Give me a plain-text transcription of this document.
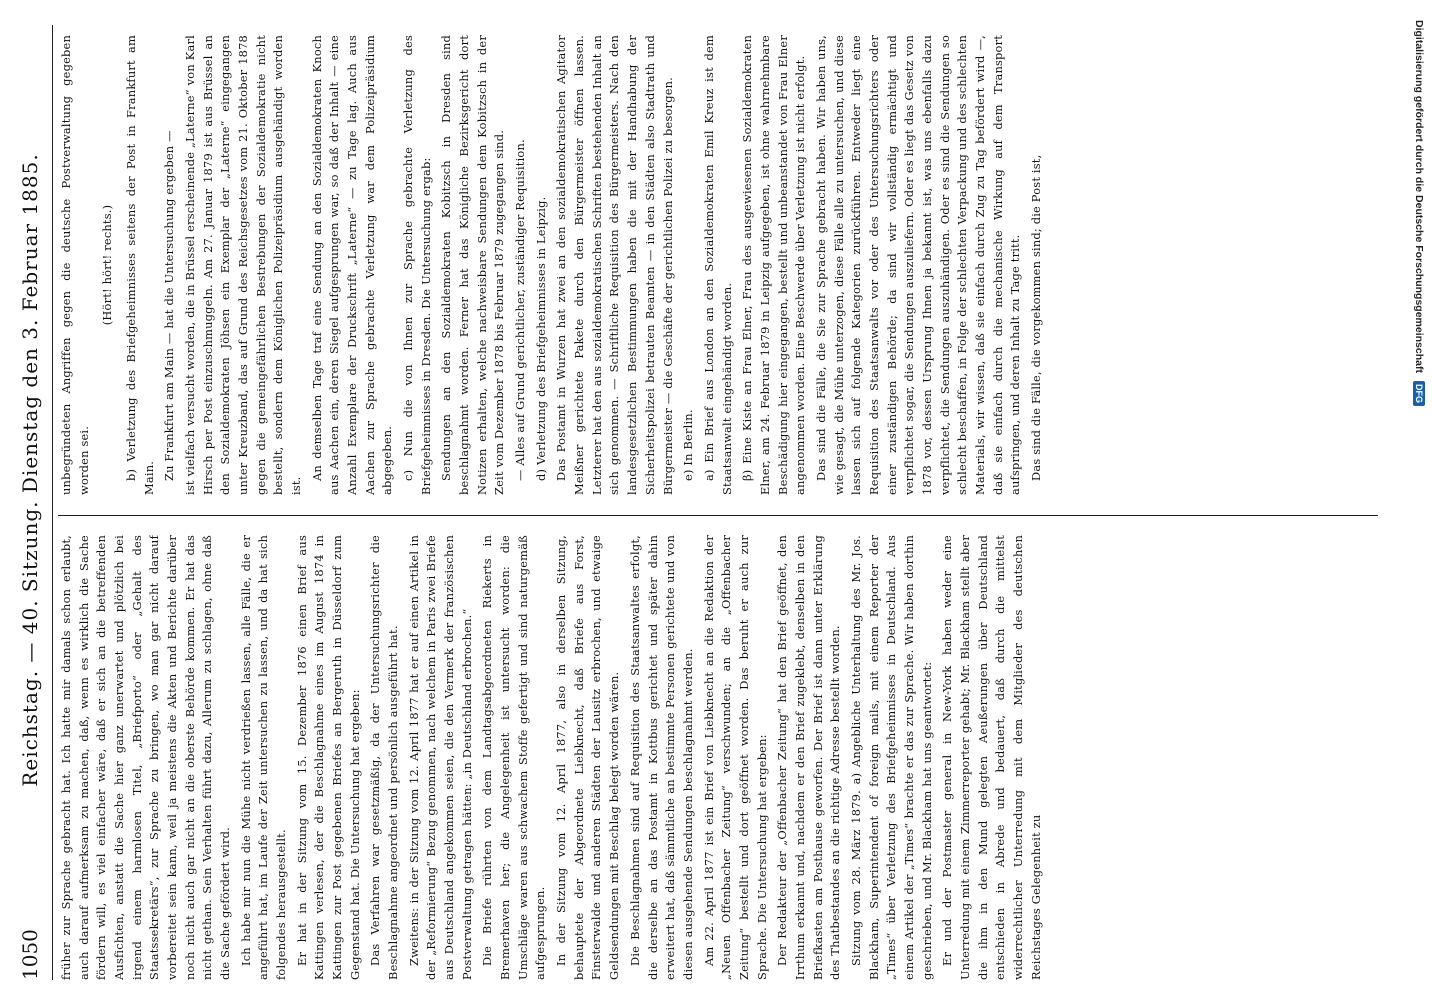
1050
Reichstag. — 40. Sitzung. Dienstag den 3. Februar 1885. früher zur Sprache gebracht hat. Ich hatte mir damals schon erlaubt, auch darauf aufmerksam zu machen, daß, wenn es wirklich die Sache fördern will, es viel einfacher wäre, daß er sich an die betreffenden Ausfichten, anstatt die Sache hier ganz unerwartet und plötzlich bei irgend einem harmlosen Titel, „Briefporto“ oder „Gehalt des Staatssekretärs“, zur Sprache zu bringen, wo man gar nicht darauf vorbereitet sein kann, weil ja meistens die Akten und Berichte darüber noch nicht auch gar nicht an die oberste Behörde kommen. Er hat das nicht gethan. Sein Verhalten führt dazu, Allerum zu schlagen, ohne daß die Sache gefördert wird. Ich habe mir nun die Mühe nicht verdrießen lassen, alle Fälle, die er angeführt hat, im Laufe der Zeit untersuchen zu lassen, und da hat sich folgendes herausgestellt. Er hat in der Sitzung vom 15. Dezember 1876 einen Brief aus Kattingen verlesen, der die Beschlagnahme eines im August 1874 in Kattingen zur Post gegebenen Briefes an Bergeruth in Düsseldorf zum Gegenstand hat. Die Untersuchung hat ergeben: Das Verfahren war gesetzmäßig, da der Untersuchungsrichter die Beschlagnahme angeordnet und persönlich ausgeführt hat. Zweitens: in der Sitzung vom 12. April 1877 hat er auf einen Artikel in der „Reformierung“ Bezug genommen, nach welchem in Paris zwei Briefe aus Deutschland angekommen seien, die den Vermerk der französischen Postverwaltung getragen hätten: „in Deutschland erbrochen.“ Die Briefe rührten von dem Landtagsabgeordneten Riekerts in Bremerhaven her; die Angelegenheit ist untersucht worden: die Umschläge waren aus schwachem Stoffe gefertigt und sind naturgemäß aufgesprungen. In der Sitzung vom 12. April 1877, also in derselben Sitzung, behauptete der Abgeordnete Liebknecht, daß Briefe aus Forst, Finsterwalde und anderen Städten der Lausitz erbrochen, und etwaige Geldsendungen mit Beschlag belegt worden wären. Die Beschlagnahmen sind auf Requisition des Staatsanwaltes erfolgt, die derselbe an das Postamt in Kottbus gerichtet und später dahin erweitert hat, daß sämmtliche an bestimmte Personen gerichtete und von diesen ausgehende Sendungen beschlagnahmt werden. Am 22. April 1877 ist ein Brief von Liebknecht an die Redaktion der „Neuen Offenbacher Zeitung“ verschwunden; an die „Offenbacher Zeitung“ bestellt und dort geöffnet worden. Das beruht er auch zur Sprache. Die Untersuchung hat ergeben: Der Redakteur der „Offenbacher Zeitung“ hat den Brief geöffnet, den Irrthum erkannt und, nachdem er den Brief zugeklebt, denselben in den Briefkasten am Posthause geworfen. Der Brief ist dann unter Erklärung des Thatbestandes an die richtige Adresse bestellt worden. Sitzung vom 28. März 1879. a) Angebliche Unterhaltung des Mr. Jos. Blackham, Superintendent of foreign mails, mit einem Reporter der „Times“ über Verletzung des Briefgeheimnisses in Deutschland. Aus einem Artikel der „Times“ brachte er das zur Sprache. Wir haben dorthin geschrieben, und Mr. Blackham hat uns geantwortet: Er und der Postmaster general in New-York haben weder eine Unterredung mit einem Zimmerreporter gehabt; Mr. Blackham stellt aber die ihm in den Mund gelegten Aeußerungen über Deutschland entschieden in Abrede und bedauert, daß durch die mittelst widerrechtlicher Unterredung mit dem Mitglieder des deutschen Reichstages Gelegenheit zu

unbegründeten Angriffen gegen die deutsche Postverwaltung gegeben worden sei.

(Hört! hört! rechts.) b) Verletzung des Briefgeheimnisses seitens der Post in Frankfurt am Main. Zu Frankfurt am Main — hat die Untersuchung ergeben — ist vielfach versucht worden, die in Brüssel erscheinende „Laterne“ von Karl Hirsch per Post einzuschmuggeln. Am 27. Januar 1879 ist aus Brüssel an den Sozialdemokraten Jöhsen ein Exemplar der „Laterne“ eingegangen unter Kreuzband, das auf Grund des Reichsgesetzes vom 21. Oktober 1878 gegen die gemeingefährlichen Bestrebungen der Sozialdemokratie nicht bestellt, sondern dem Königlichen Polizeipräsidium ausgehändigt worden ist.

An demselben Tage traf eine Sendung an den Sozialdemokraten Knoch aus Aachen ein, deren Siegel aufgesprungen war, so daß der Inhalt — eine Anzahl Exemplare der Druckschrift „Laterne“ — zu Tage lag. Auch aus Aachen zur Sprache gebrachte Verletzung war dem Polizeipräsidium abgegeben. c) Nun die von Ihnen zur Sprache gebrachte Verletzung des Briefgeheimnisses in Dresden. Die Untersuchung ergab: Sendungen an den Sozialdemokraten Kobitzsch in Dresden sind beschlagnahmt worden. Ferner hat das Königliche Bezirksgericht dort Notizen erhalten, welche nachweisbare Sendungen dem Kobitzsch in der Zeit vom Dezember 1878 bis Februar 1879 zugegangen sind. — Alles auf Grund gerichtlicher, zuständiger Requisition. d) Verletzung des Briefgeheimnisses in Leipzig. Das Postamt in Wurzen hat zwei an den sozialdemokratischen Agitator Meißner gerichtete Pakete durch den Bürgermeister öffnen lassen. Letzterer hat den aus sozialdemokratischen Schriften bestehenden Inhalt an sich genommen. — Schriftliche Requisition des Bürgermeisters. Nach den landesgesetzlichen Bestimmungen haben die mit der Handhabung der Sicherheitspolizei betrauten Beamten — in den Städten also Stadtrath und Bürgermeister — die Geschäfte der gerichtlichen Polizei zu besorgen. e) In Berlin. a) Ein Brief aus London an den Sozialdemokraten Emil Kreuz ist dem Staatsanwalt eingehändigt worden. β) Eine Kiste an Frau Elner, Frau des ausgewiesenen Sozialdemokraten Elner, am 24. Februar 1879 in Leipzig aufgegeben, ist ohne wahrnehmbare Beschädigung hier eingegangen, bestellt und unbeanstandet von Frau Elner angenommen worden. Eine Beschwerde über Verletzung ist nicht erfolgt. Das sind die Fälle, die Sie zur Sprache gebracht haben. Wir haben uns, wie gesagt, die Mühe unterzogen, diese Fälle alle zu untersuchen, und diese lassen sich auf folgende Kategorien zurückführen. Entweder liegt eine Requisition des Staatsanwalts vor oder des Untersuchungsrichters oder einer zuständigen Behörde; da sind wir vollständig ermächtigt und verpflichtet sogar, die Sendungen auszuliefern. Oder es liegt das Gesetz von 1878 vor, dessen Ursprung Ihnen ja bekannt ist, was uns ebenfalls dazu verpflichtet, die Sendungen auszuhändigen. Oder es sind die Sendungen so schlecht beschaffen, in Folge der schlechten Verpackung und des schlechten Materials, wir wissen, daß sie einfach durch Zug zu Tag befördert wird —, daß sie einfach durch die mechanische Wirkung auf dem Transport aufspringen, und deren Inhalt zu Tage tritt. Das sind die Fälle, die vorgekommen sind; die Post ist,	Digitalisierung gefördert durch die Deutsche Forschungsgemeinschaft
DFG
